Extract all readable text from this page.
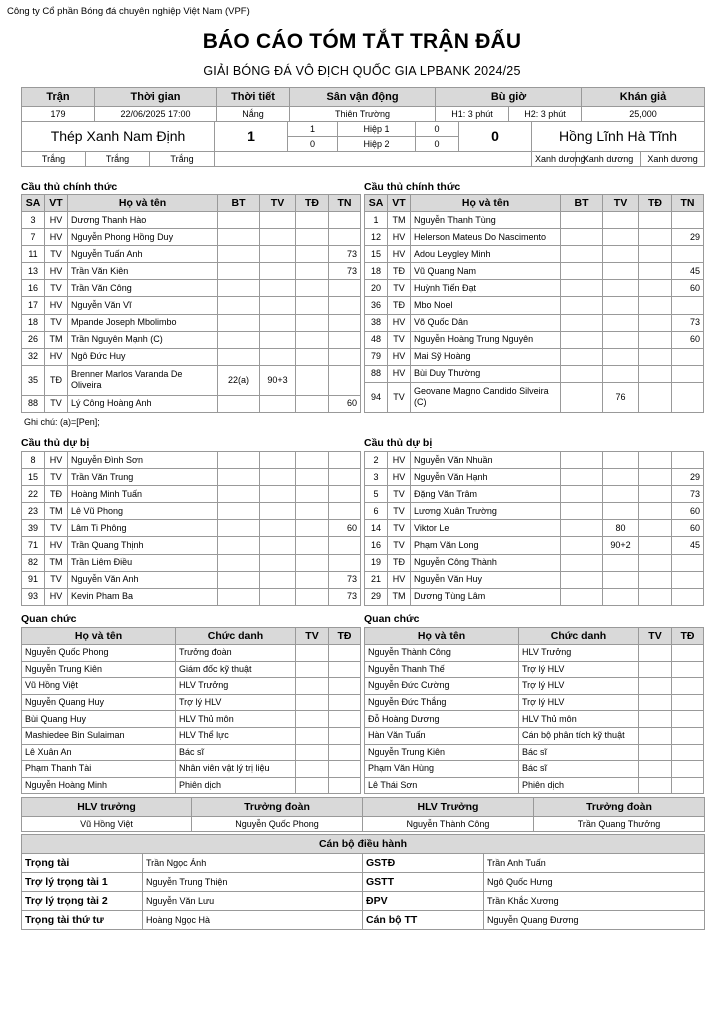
Công ty Cổ phần Bóng đá chuyên nghiệp Việt Nam (VPF)
BÁO CÁO TÓM TẮT TRẬN ĐẤU
GIẢI BÓNG ĐÁ VÔ ĐỊCH QUỐC GIA LPBANK 2024/25
Trận	Thời gian	Thời tiết	Sân vận động	Bù giờ		Khán giả
179	22/06/2025 17:00	Nắng	Thiên Trường	H1: 3 phút	H2: 3 phút	25,000
Thép Xanh Nam Định			1	1	Hiệp 1	0	0	Hồng Lĩnh Hà Tĩnh		
				0	Hiệp 2	0				
Trắng	Trắng	Trắng						Xanh dương	Xanh dương	Xanh dương
Cầu thủ chính thức	Cầu thủ chính thức
SA	VT	Họ và tên	BT	TV	TĐ	TN
3	HV	Dương Thanh Hào				
7	HV	Nguyễn Phong Hồng Duy				
11	TV	Nguyễn Tuấn Anh				73
13	HV	Trần Văn Kiên				73
16	TV	Trần Văn Công				
17	HV	Nguyễn Văn Vĩ				
18	TV	Mpande Joseph Mbolimbo				
26	TM	Trần Nguyên Mạnh (C)				
32	HV	Ngô Đức Huy				
35	TĐ	Brenner Marlos Varanda De Oliveira	22(a)	90+3		
88	TV	Lý Công Hoàng Anh				60
SA	VT	Họ và tên	BT	TV	TĐ	TN
1	TM	Nguyễn Thanh Tùng				
12	HV	Helerson Mateus Do Nascimento				29
15	HV	Adou Leygley Minh				
18	TĐ	Vũ Quang Nam				45
20	TV	Huỳnh Tiến Đạt				60
36	TĐ	Mbo Noel				
38	HV	Võ Quốc Dân				73
48	TV	Nguyễn Hoàng Trung Nguyên				60
79	HV	Mai Sỹ Hoàng				
88	HV	Bùi Duy Thường				
94	TV	Geovane Magno Candido Silveira (C)		76		
Ghi chú: (a)=[Pen];
Cầu thủ dự bị	Cầu thủ dự bị
8	HV	Nguyễn Đình Sơn				
15	TV	Trần Văn Trung				
22	TĐ	Hoàng Minh Tuấn				
23	TM	Lê Vũ Phong				
39	TV	Lâm Ti Phông				60
71	HV	Trần Quang Thịnh				
82	TM	Trần Liêm Điều				
91	TV	Nguyễn Văn Anh				73
93	HV	Kevin Pham Ba				73
2	HV	Nguyễn Văn Nhuần				
3	HV	Nguyễn Văn Hạnh				29
5	TV	Đặng Văn Trâm				73
6	TV	Lương Xuân Trường				60
14	TV	Viktor Le		80		60
16	TV	Phạm Văn Long		90+2		45
19	TĐ	Nguyễn Công Thành				
21	HV	Nguyễn Văn Huy				
29	TM	Dương Tùng Lâm				
Quan chức	Quan chức
Họ và tên	Chức danh	TV	TĐ
Nguyễn Quốc Phong	Trưởng đoàn		
Nguyễn Trung Kiên	Giám đốc kỹ thuật		
Vũ Hồng Việt	HLV Trưởng		
Nguyễn Quang Huy	Trợ lý HLV		
Bùi Quang Huy	HLV Thủ môn		
Mashiedee Bin Sulaiman	HLV Thể lực		
Lê Xuân An	Bác sĩ		
Phạm Thanh Tài	Nhân viên vật lý trị liệu		
Nguyễn Hoàng Minh	Phiên dịch		
Họ và tên	Chức danh	TV	TĐ
Nguyễn Thành Công	HLV Trưởng		
Nguyễn Thanh Thế	Trợ lý HLV		
Nguyễn Đức Cường	Trợ lý HLV		
Nguyễn Đức Thắng	Trợ lý HLV		
Đỗ Hoàng Dương	HLV Thủ môn		
Hàn Văn Tuấn	Cán bộ phân tích kỹ thuật		
Nguyễn Trung Kiên	Bác sĩ		
Phạm Văn Hùng	Bác sĩ		
Lê Thái Sơn	Phiên dịch		
HLV trưởng	Trưởng đoàn	HLV Trưởng	Trưởng đoàn
Vũ Hồng Việt	Nguyễn Quốc Phong	Nguyễn Thành Công	Trần Quang Thưởng
Cán bộ điều hành			
Trọng tài	Trần Ngọc Ánh	GSTĐ	Trần Anh Tuấn
Trợ lý trọng tài 1	Nguyễn Trung Thiện	GSTT	Ngô Quốc Hưng
Trợ lý trọng tài 2	Nguyễn Văn Lưu	ĐPV	Trần Khắc Xương
Trọng tài thứ tư	Hoàng Ngọc Hà	Cán bộ TT	Nguyễn Quang Đương
